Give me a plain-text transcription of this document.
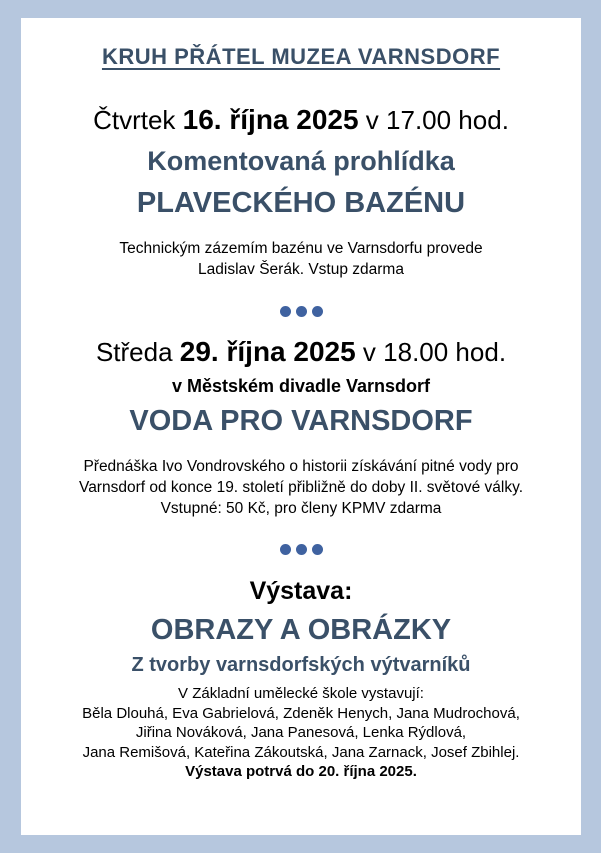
KRUH PŘÁTEL MUZEA VARNSDORF
Čtvrtek 16. října 2025 v 17.00 hod.
Komentovaná prohlídka
PLAVECKÉHO BAZÉNU
Technickým zázemím bazénu ve Varnsdorfu provede
Ladislav Šerák. Vstup zdarma
Středa 29. října 2025 v 18.00 hod.
v Městském divadle Varnsdorf
VODA PRO VARNSDORF
Přednáška Ivo Vondrovského o historii získávání pitné vody pro
Varnsdorf od konce 19. století přibližně do doby II. světové války.
Vstupné: 50 Kč, pro členy KPMV zdarma
Výstava:
OBRAZY A OBRÁZKY
Z tvorby varnsdorfských výtvarníků
V Základní umělecké škole vystavují:
Běla Dlouhá, Eva Gabrielová, Zdeněk Henych, Jana Mudrochová,
Jiřina Nováková, Jana Panesová, Lenka Rýdlová,
Jana Remišová, Kateřina Zákoutská, Jana Zarnack, Josef Zbihlej.
Výstava potrvá do 20. října 2025.
